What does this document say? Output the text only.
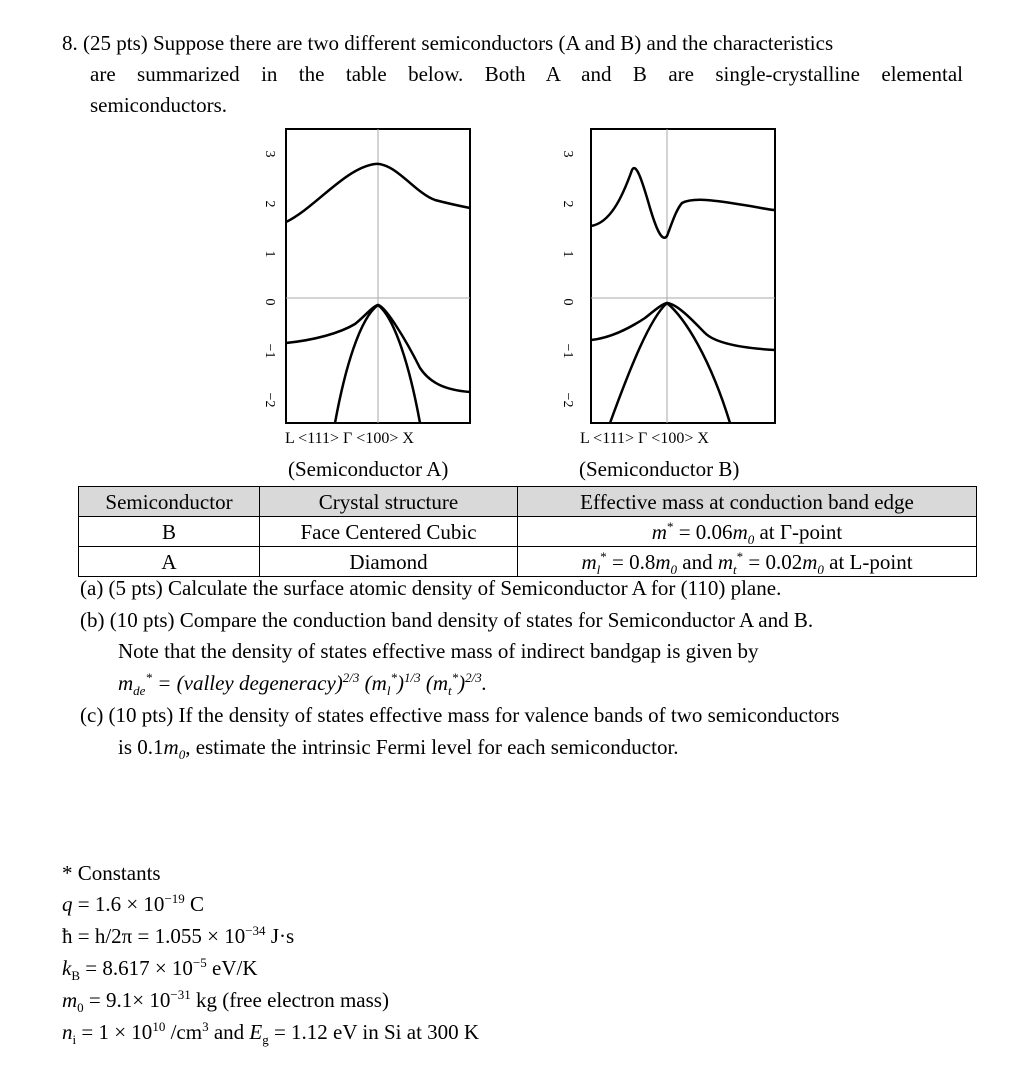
8. (25 pts) Suppose there are two different semiconductors (A and B) and the characteristics
are summarized in the table below. Both A and B are single-crystalline elemental
semiconductors.
3
2
1
0
−1
−2
L <111> Γ <100> X
(Semiconductor A)
3
2
1
0
−1
−2
L <111> Γ <100> X
(Semiconductor B)
Semiconductor	Crystal structure	Effective mass at conduction band edge
B	Face Centered Cubic	$m^* = 0.06m_0$ at Γ-point
A	Diamond	$m_l^* = 0.8m_0$ and $m_t^* = 0.02m_0$ at L-point
(a) (5 pts) Calculate the surface atomic density of Semiconductor A for (110) plane.
(b) (10 pts) Compare the conduction band density of states for Semiconductor A and B.
Note that the density of states effective mass of indirect bandgap is given by
$m_{de}^*$ = (valley degeneracy)$^{2/3}$ $(m_l^*)^{1/3}$ $(m_t^*)^{2/3}$.
(c) (10 pts) If the density of states effective mass for valence bands of two semiconductors
is $0.1m_0$, estimate the intrinsic Fermi level for each semiconductor.
* Constants
$q = 1.6 \times 10^{-19}$ C
ħ = $h/2\pi = 1.055 \times 10^{-34}$ J·s
$k_B = 8.617 \times 10^{-5}$ eV/K
$m_0 = 9.1\times 10^{-31}$ kg (free electron mass)
$n_i = 1 \times 10^{10}$ $/cm^3$ and $E_g = 1.12$ eV in Si at 300 K
